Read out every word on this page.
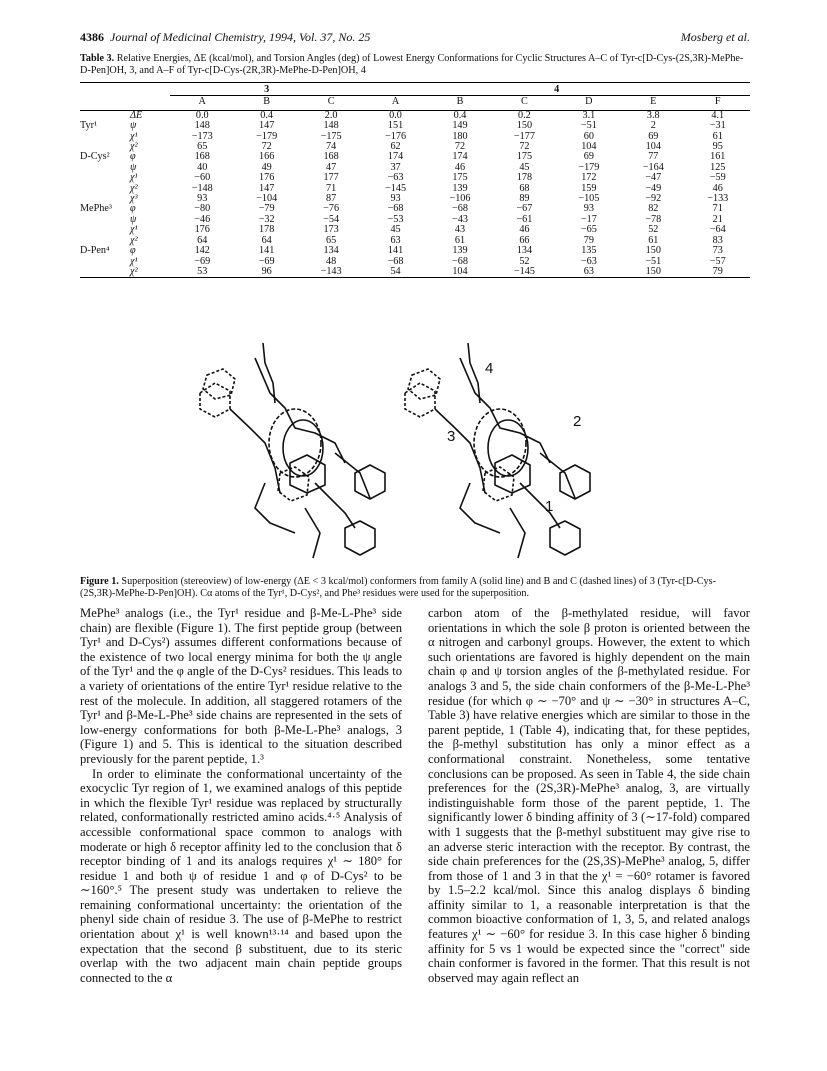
4386 Journal of Medicinal Chemistry, 1994, Vol. 37, No. 25	Mosberg et al.
Table 3. Relative Energies, ΔE (kcal/mol), and Torsion Angles (deg) of Lowest Energy Conformations for Cyclic Structures A–C of Tyr-c[D-Cys-(2S,3R)-MePhe-D-Pen]OH, 3, and A–F of Tyr-c[D-Cys-(2R,3R)-MePhe-D-Pen]OH, 4
		3			4					
		A	B	C	A	B	C	D	E	F
	ΔE	0.0	0.4	2.0	0.0	0.4	0.2	3.1	3.8	4.1
Tyr¹	ψ	148	147	148	151	149	150	−51	2	−31
	χ¹	−173	−179	−175	−176	180	−177	60	69	61
	χ²	65	72	74	62	72	72	104	104	95
D-Cys²	φ	168	166	168	174	174	175	69	77	161
	ψ	40	49	47	37	46	45	−179	−164	125
	χ¹	−60	176	177	−63	175	178	172	−47	−59
	χ²	−148	147	71	−145	139	68	159	−49	46
	χ³	93	−104	87	93	−106	89	−105	−92	−133
MePhe³	φ	−80	−79	−76	−68	−68	−67	93	82	71
	ψ	−46	−32	−54	−53	−43	−61	−17	−78	21
	χ¹	176	178	173	45	43	46	−65	52	−64
	χ²	64	64	65	63	61	66	79	61	83
D-Pen⁴	φ	142	141	134	141	139	134	135	150	73
	χ¹	−69	−69	48	−68	−68	52	−63	−51	−57
	χ²	53	96	−143	54	104	−145	63	150	79
4
3
2
1
Figure 1. Superposition (stereoview) of low-energy (ΔE < 3 kcal/mol) conformers from family A (solid line) and B and C (dashed lines) of 3 (Tyr-c[D-Cys-(2S,3R)-MePhe-D-Pen]OH). Cα atoms of the Tyr¹, D-Cys², and Phe³ residues were used for the superposition.

MePhe³ analogs (i.e., the Tyr¹ residue and β-Me-L-Phe³ side chain) are flexible (Figure 1). The first peptide group (between Tyr¹ and D-Cys²) assumes different conformations because of the existence of two local energy minima for both the ψ angle of the Tyr¹ and the φ angle of the D-Cys² residues. This leads to a variety of orientations of the entire Tyr¹ residue relative to the rest of the molecule. In addition, all staggered rotamers of the Tyr¹ and β-Me-L-Phe³ side chains are represented in the sets of low-energy conformations for both β-Me-L-Phe³ analogs, 3 (Figure 1) and 5. This is identical to the situation described previously for the parent peptide, 1.³

In order to eliminate the conformational uncertainty of the exocyclic Tyr region of 1, we examined analogs of this peptide in which the flexible Tyr¹ residue was replaced by structurally related, conformationally restricted amino acids.⁴·⁵ Analysis of accessible conformational space common to analogs with moderate or high δ receptor affinity led to the conclusion that δ receptor binding of 1 and its analogs requires χ¹ ∼ 180° for residue 1 and both ψ of residue 1 and φ of D-Cys² to be ∼160°.⁵ The present study was undertaken to relieve the remaining conformational uncertainty: the orientation of the phenyl side chain of residue 3. The use of β-MePhe to restrict orientation about χ¹ is well known¹³·¹⁴ and based upon the expectation that the second β substituent, due to its steric overlap with the two adjacent main chain peptide groups connected to the α

carbon atom of the β-methylated residue, will favor orientations in which the sole β proton is oriented between the α nitrogen and carbonyl groups. However, the extent to which such orientations are favored is highly dependent on the main chain φ and ψ torsion angles of the β-methylated residue. For analogs 3 and 5, the side chain conformers of the β-Me-L-Phe³ residue (for which φ ∼ −70° and ψ ∼ −30° in structures A–C, Table 3) have relative energies which are similar to those in the parent peptide, 1 (Table 4), indicating that, for these peptides, the β-methyl substitution has only a minor effect as a conformational constraint. Nonetheless, some tentative conclusions can be proposed. As seen in Table 4, the side chain preferences for the (2S,3R)-MePhe³ analog, 3, are virtually indistinguishable form those of the parent peptide, 1. The significantly lower δ binding affinity of 3 (∼17-fold) compared with 1 suggests that the β-methyl substituent may give rise to an adverse steric interaction with the receptor. By contrast, the side chain preferences for the (2S,3S)-MePhe³ analog, 5, differ from those of 1 and 3 in that the χ¹ = −60° rotamer is favored by 1.5–2.2 kcal/mol. Since this analog displays δ binding affinity similar to 1, a reasonable interpretation is that the common bioactive conformation of 1, 3, 5, and related analogs features χ¹ ∼ −60° for residue 3. In this case higher δ binding affinity for 5 vs 1 would be expected since the "correct" side chain conformer is favored in the former. That this result is not observed may again reflect an
